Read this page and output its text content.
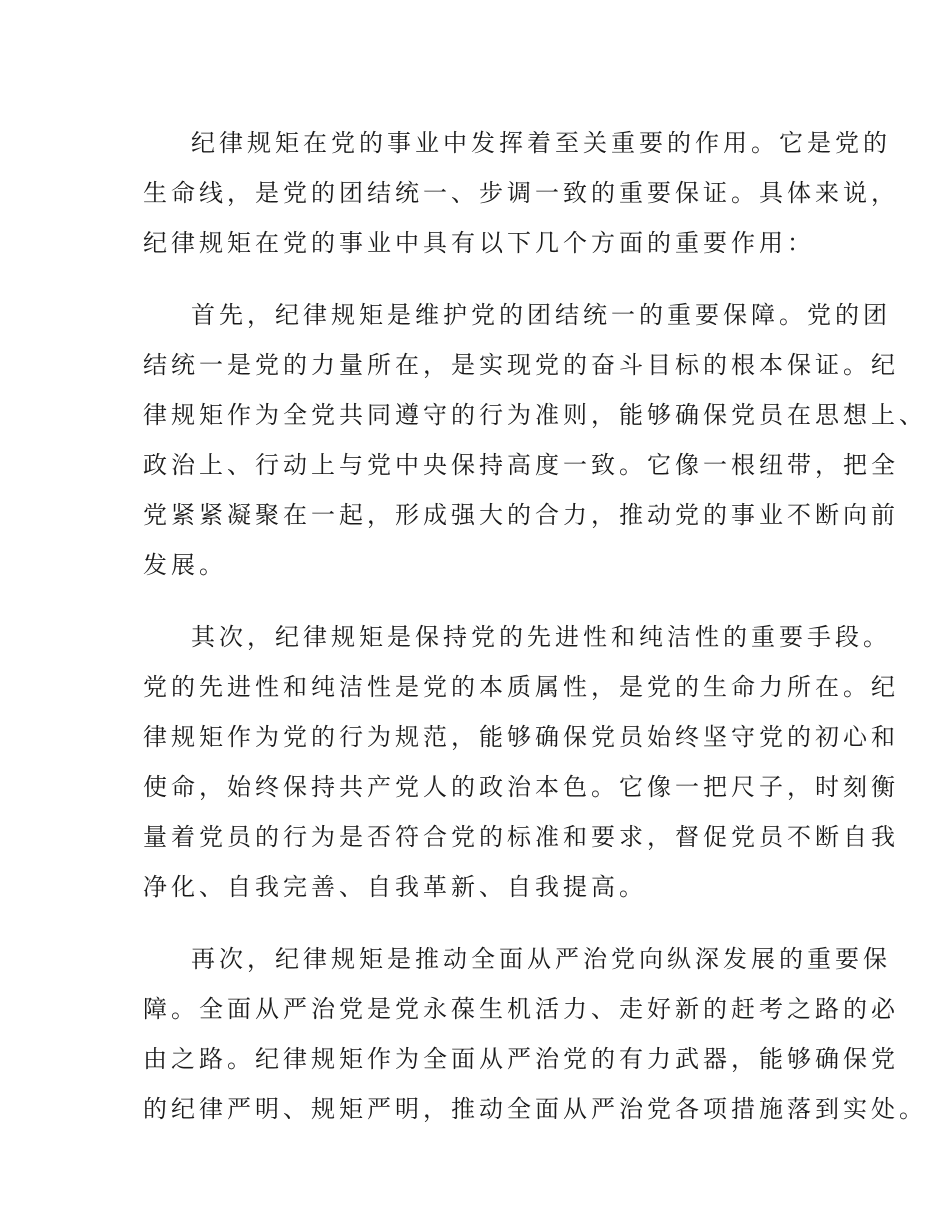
纪律规矩在党的事业中发挥着至关重要的作用。它是党的
生命线，是党的团结统一、步调一致的重要保证。具体来说，
纪律规矩在党的事业中具有以下几个方面的重要作用：
首先，纪律规矩是维护党的团结统一的重要保障。党的团
结统一是党的力量所在，是实现党的奋斗目标的根本保证。纪
律规矩作为全党共同遵守的行为准则，能够确保党员在思想上、
政治上、行动上与党中央保持高度一致。它像一根纽带，把全
党紧紧凝聚在一起，形成强大的合力，推动党的事业不断向前
发展。
其次，纪律规矩是保持党的先进性和纯洁性的重要手段。
党的先进性和纯洁性是党的本质属性，是党的生命力所在。纪
律规矩作为党的行为规范，能够确保党员始终坚守党的初心和
使命，始终保持共产党人的政治本色。它像一把尺子，时刻衡
量着党员的行为是否符合党的标准和要求，督促党员不断自我
净化、自我完善、自我革新、自我提高。
再次，纪律规矩是推动全面从严治党向纵深发展的重要保
障。全面从严治党是党永葆生机活力、走好新的赶考之路的必
由之路。纪律规矩作为全面从严治党的有力武器，能够确保党
的纪律严明、规矩严明，推动全面从严治党各项措施落到实处。
